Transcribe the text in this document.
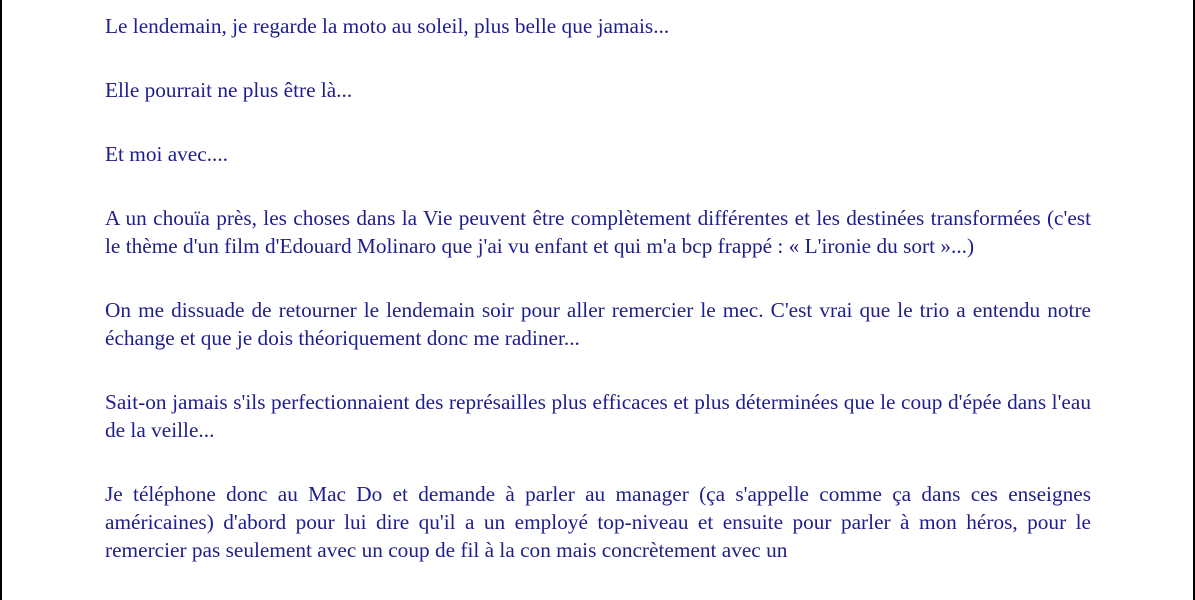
Le lendemain, je regarde la moto au soleil, plus belle que jamais...

Elle pourrait ne plus être là...

Et moi avec....

A un chouïa près, les choses dans la Vie peuvent être complètement différentes et les destinées transformées (c'est le thème d'un film d'Edouard Molinaro que j'ai vu enfant et qui m'a bcp frappé : « L'ironie du sort »...)

On me dissuade de retourner le lendemain soir pour aller remercier le mec. C'est vrai que le trio a entendu notre échange et que je dois théoriquement donc me radiner...

Sait-on jamais s'ils perfectionnaient des représailles plus efficaces et plus déterminées que le coup d'épée dans l'eau de la veille...

Je téléphone donc au Mac Do et demande à parler au manager (ça s'appelle comme ça dans ces enseignes américaines) d'abord pour lui dire qu'il a un employé top-niveau et ensuite pour parler à mon héros, pour le remercier pas seulement avec un coup de fil à la con mais concrètement avec un
